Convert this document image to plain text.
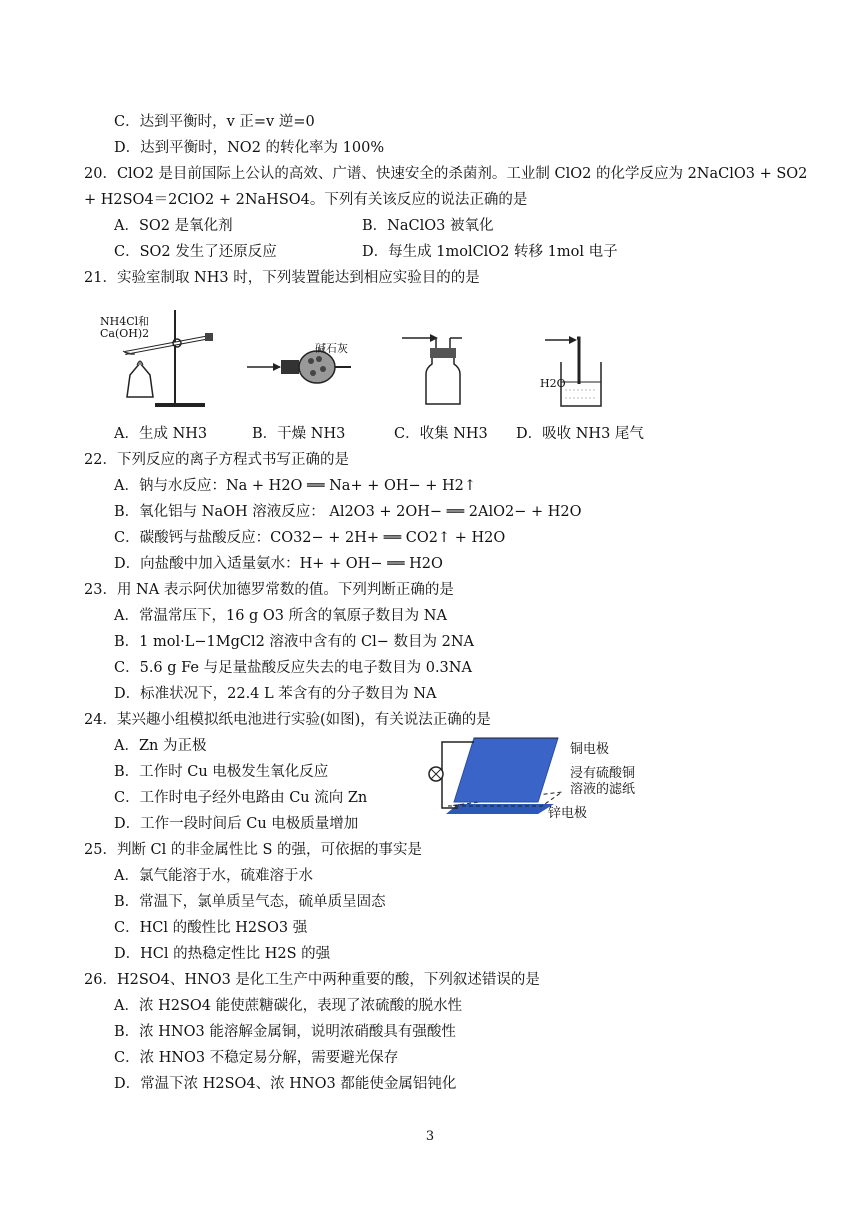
C．达到平衡时，v 正=v 逆=0
D．达到平衡时，NO2 的转化率为 100%
20．ClO2 是目前国际上公认的高效、广谱、快速安全的杀菌剂。工业制 ClO2 的化学反应为 2NaClO3 + SO2
+ H2SO4＝2ClO2 + 2NaHSO4。下列有关该反应的说法正确的是
A．SO2 是氧化剂	B．NaClO3 被氧化
C．SO2 发生了还原反应	D．每生成 1molClO2 转移 1mol 电子
21．实验室制取 NH3 时，下列装置能达到相应实验目的的是
NH4Cl和
Ca(OH)2
碱石灰
H2O
A．生成 NH3	B．干燥 NH3	C．收集 NH3 D．吸收 NH3 尾气
22．下列反应的离子方程式书写正确的是
A．钠与水反应：Na + H2O ══ Na+ + OH− + H2↑
B．氧化铝与 NaOH 溶液反应： Al2O3 + 2OH− ══ 2AlO2− + H2O
C．碳酸钙与盐酸反应：CO32− + 2H+ ══ CO2↑ + H2O
D．向盐酸中加入适量氨水：H+ + OH− ══ H2O
23．用 NA 表示阿伏加德罗常数的值。下列判断正确的是
A．常温常压下，16 g O3 所含的氧原子数目为 NA
B．1 mol·L−1MgCl2 溶液中含有的 Cl− 数目为 2NA
C．5.6 g Fe 与足量盐酸反应失去的电子数目为 0.3NA
D．标准状况下，22.4 L 苯含有的分子数目为 NA
24．某兴趣小组模拟纸电池进行实验(如图)，有关说法正确的是
A．Zn 为正极
B．工作时 Cu 电极发生氧化反应
C．工作时电子经外电路由 Cu 流向 Zn
D．工作一段时间后 Cu 电极质量增加
铜电极
浸有硫酸铜
溶液的滤纸
锌电极
25．判断 Cl 的非金属性比 S 的强，可依据的事实是
A．氯气能溶于水，硫难溶于水
B．常温下，氯单质呈气态，硫单质呈固态
C．HCl 的酸性比 H2SO3 强
D．HCl 的热稳定性比 H2S 的强
26．H2SO4、HNO3 是化工生产中两种重要的酸，下列叙述错误的是
A．浓 H2SO4 能使蔗糖碳化，表现了浓硫酸的脱水性
B．浓 HNO3 能溶解金属铜，说明浓硝酸具有强酸性
C．浓 HNO3 不稳定易分解，需要避光保存
D．常温下浓 H2SO4、浓 HNO3 都能使金属铝钝化
3
